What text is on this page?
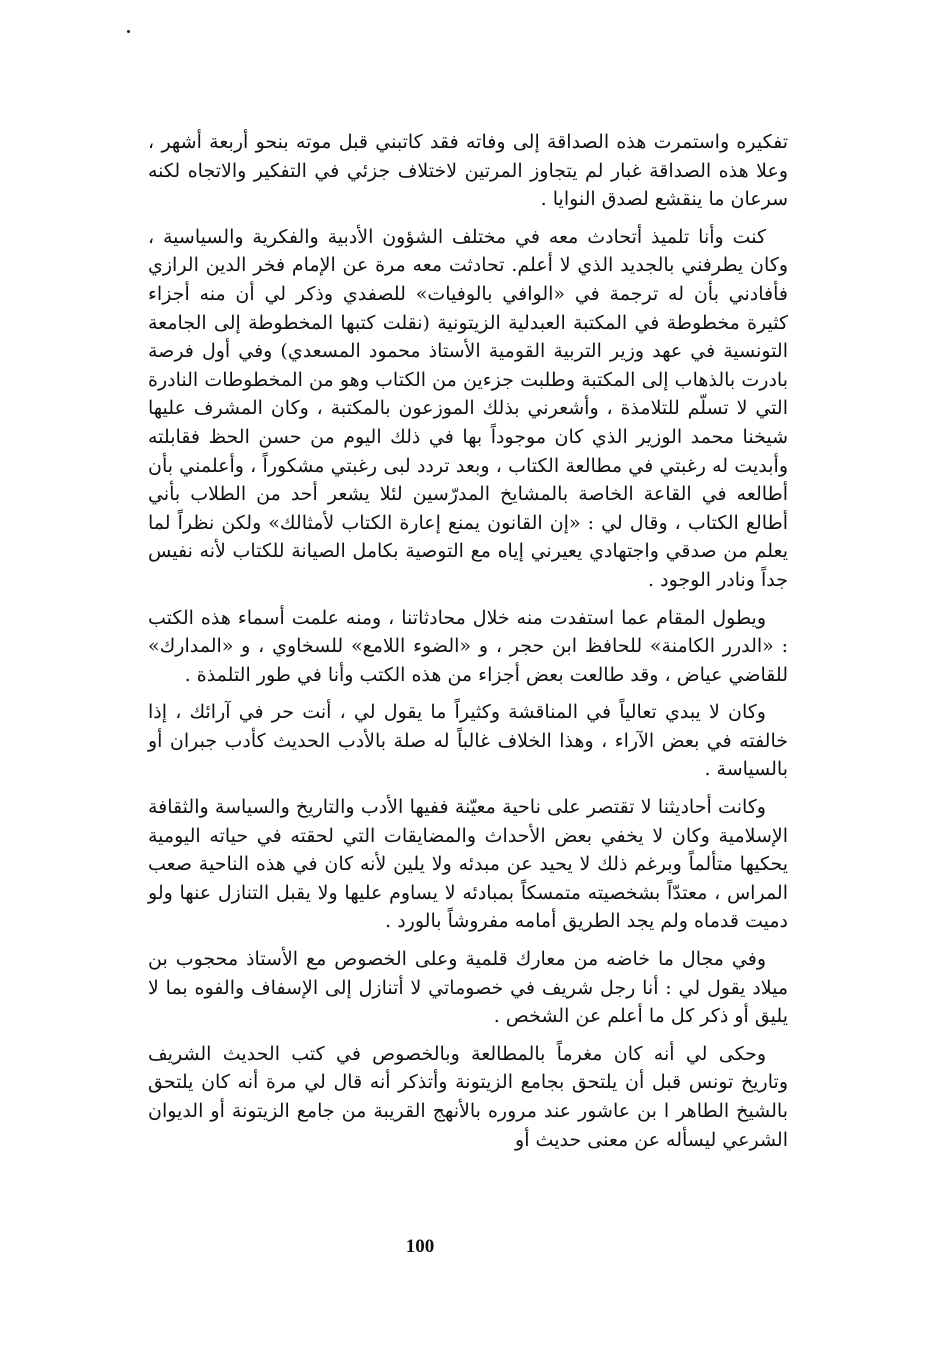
تفكيره واستمرت هذه الصداقة إلى وفاته فقد كاتبني قبل موته بنحو أربعة أشهر ، وعلا هذه الصداقة غبار لم يتجاوز المرتين لاختلاف جزئي في التفكير والاتجاه لكنه سرعان ما ينقشع لصدق النوايا .

كنت وأنا تلميذ أتحادث معه في مختلف الشؤون الأدبية والفكرية والسياسية ، وكان يطرفني بالجديد الذي لا أعلم. تحادثت معه مرة عن الإمام فخر الدين الرازي فأفادني بأن له ترجمة في «الوافي بالوفيات» للصفدي وذكر لي أن منه أجزاء كثيرة مخطوطة في المكتبة العبدلية الزيتونية (نقلت كتبها المخطوطة إلى الجامعة التونسية في عهد وزير التربية القومية الأستاذ محمود المسعدي) وفي أول فرصة بادرت بالذهاب إلى المكتبة وطلبت جزءين من الكتاب وهو من المخطوطات النادرة التي لا تسلّم للتلامذة ، وأشعرني بذلك الموزعون بالمكتبة ، وكان المشرف عليها شيخنا محمد الوزير الذي كان موجوداً بها في ذلك اليوم من حسن الحظ فقابلته وأبديت له رغبتي في مطالعة الكتاب ، وبعد تردد لبى رغبتي مشكوراً ، وأعلمني بأن أطالعه في القاعة الخاصة بالمشايخ المدرّسين لئلا يشعر أحد من الطلاب بأني أطالع الكتاب ، وقال لي : «إن القانون يمنع إعارة الكتاب لأمثالك» ولكن نظراً لما يعلم من صدقي واجتهادي يعيرني إياه مع التوصية بكامل الصيانة للكتاب لأنه نفيس جداً ونادر الوجود .

ويطول المقام عما استفدت منه خلال محادثاتنا ، ومنه علمت أسماء هذه الكتب : «الدرر الكامنة» للحافظ ابن حجر ، و «الضوء اللامع» للسخاوي ، و «المدارك» للقاضي عياض ، وقد طالعت بعض أجزاء من هذه الكتب وأنا في طور التلمذة .

وكان لا يبدي تعالياً في المناقشة وكثيراً ما يقول لي ، أنت حر في آرائك ، إذا خالفته في بعض الآراء ، وهذا الخلاف غالباً له صلة بالأدب الحديث كأدب جبران أو بالسياسة .

وكانت أحاديثنا لا تقتصر على ناحية معيّنة ففيها الأدب والتاريخ والسياسة والثقافة الإسلامية وكان لا يخفي بعض الأحداث والمضايقات التي لحقته في حياته اليومية يحكيها متألماً وبرغم ذلك لا يحيد عن مبدئه ولا يلين لأنه كان في هذه الناحية صعب المراس ، معتدّاً بشخصيته متمسكاً بمبادئه لا يساوم عليها ولا يقبل التنازل عنها ولو دميت قدماه ولم يجد الطريق أمامه مفروشاً بالورد .

وفي مجال ما خاضه من معارك قلمية وعلى الخصوص مع الأستاذ محجوب بن ميلاد يقول لي : أنا رجل شريف في خصوماتي لا أتنازل إلى الإسفاف والفوه بما لا يليق أو ذكر كل ما أعلم عن الشخص .

وحكى لي أنه كان مغرماً بالمطالعة وبالخصوص في كتب الحديث الشريف وتاريخ تونس قبل أن يلتحق بجامع الزيتونة وأتذكر أنه قال لي مرة أنه كان يلتحق بالشيخ الطاهر ا بن عاشور عند مروره بالأنهج القريبة من جامع الزيتونة أو الديوان الشرعي ليسأله عن معنى حديث أو

100
